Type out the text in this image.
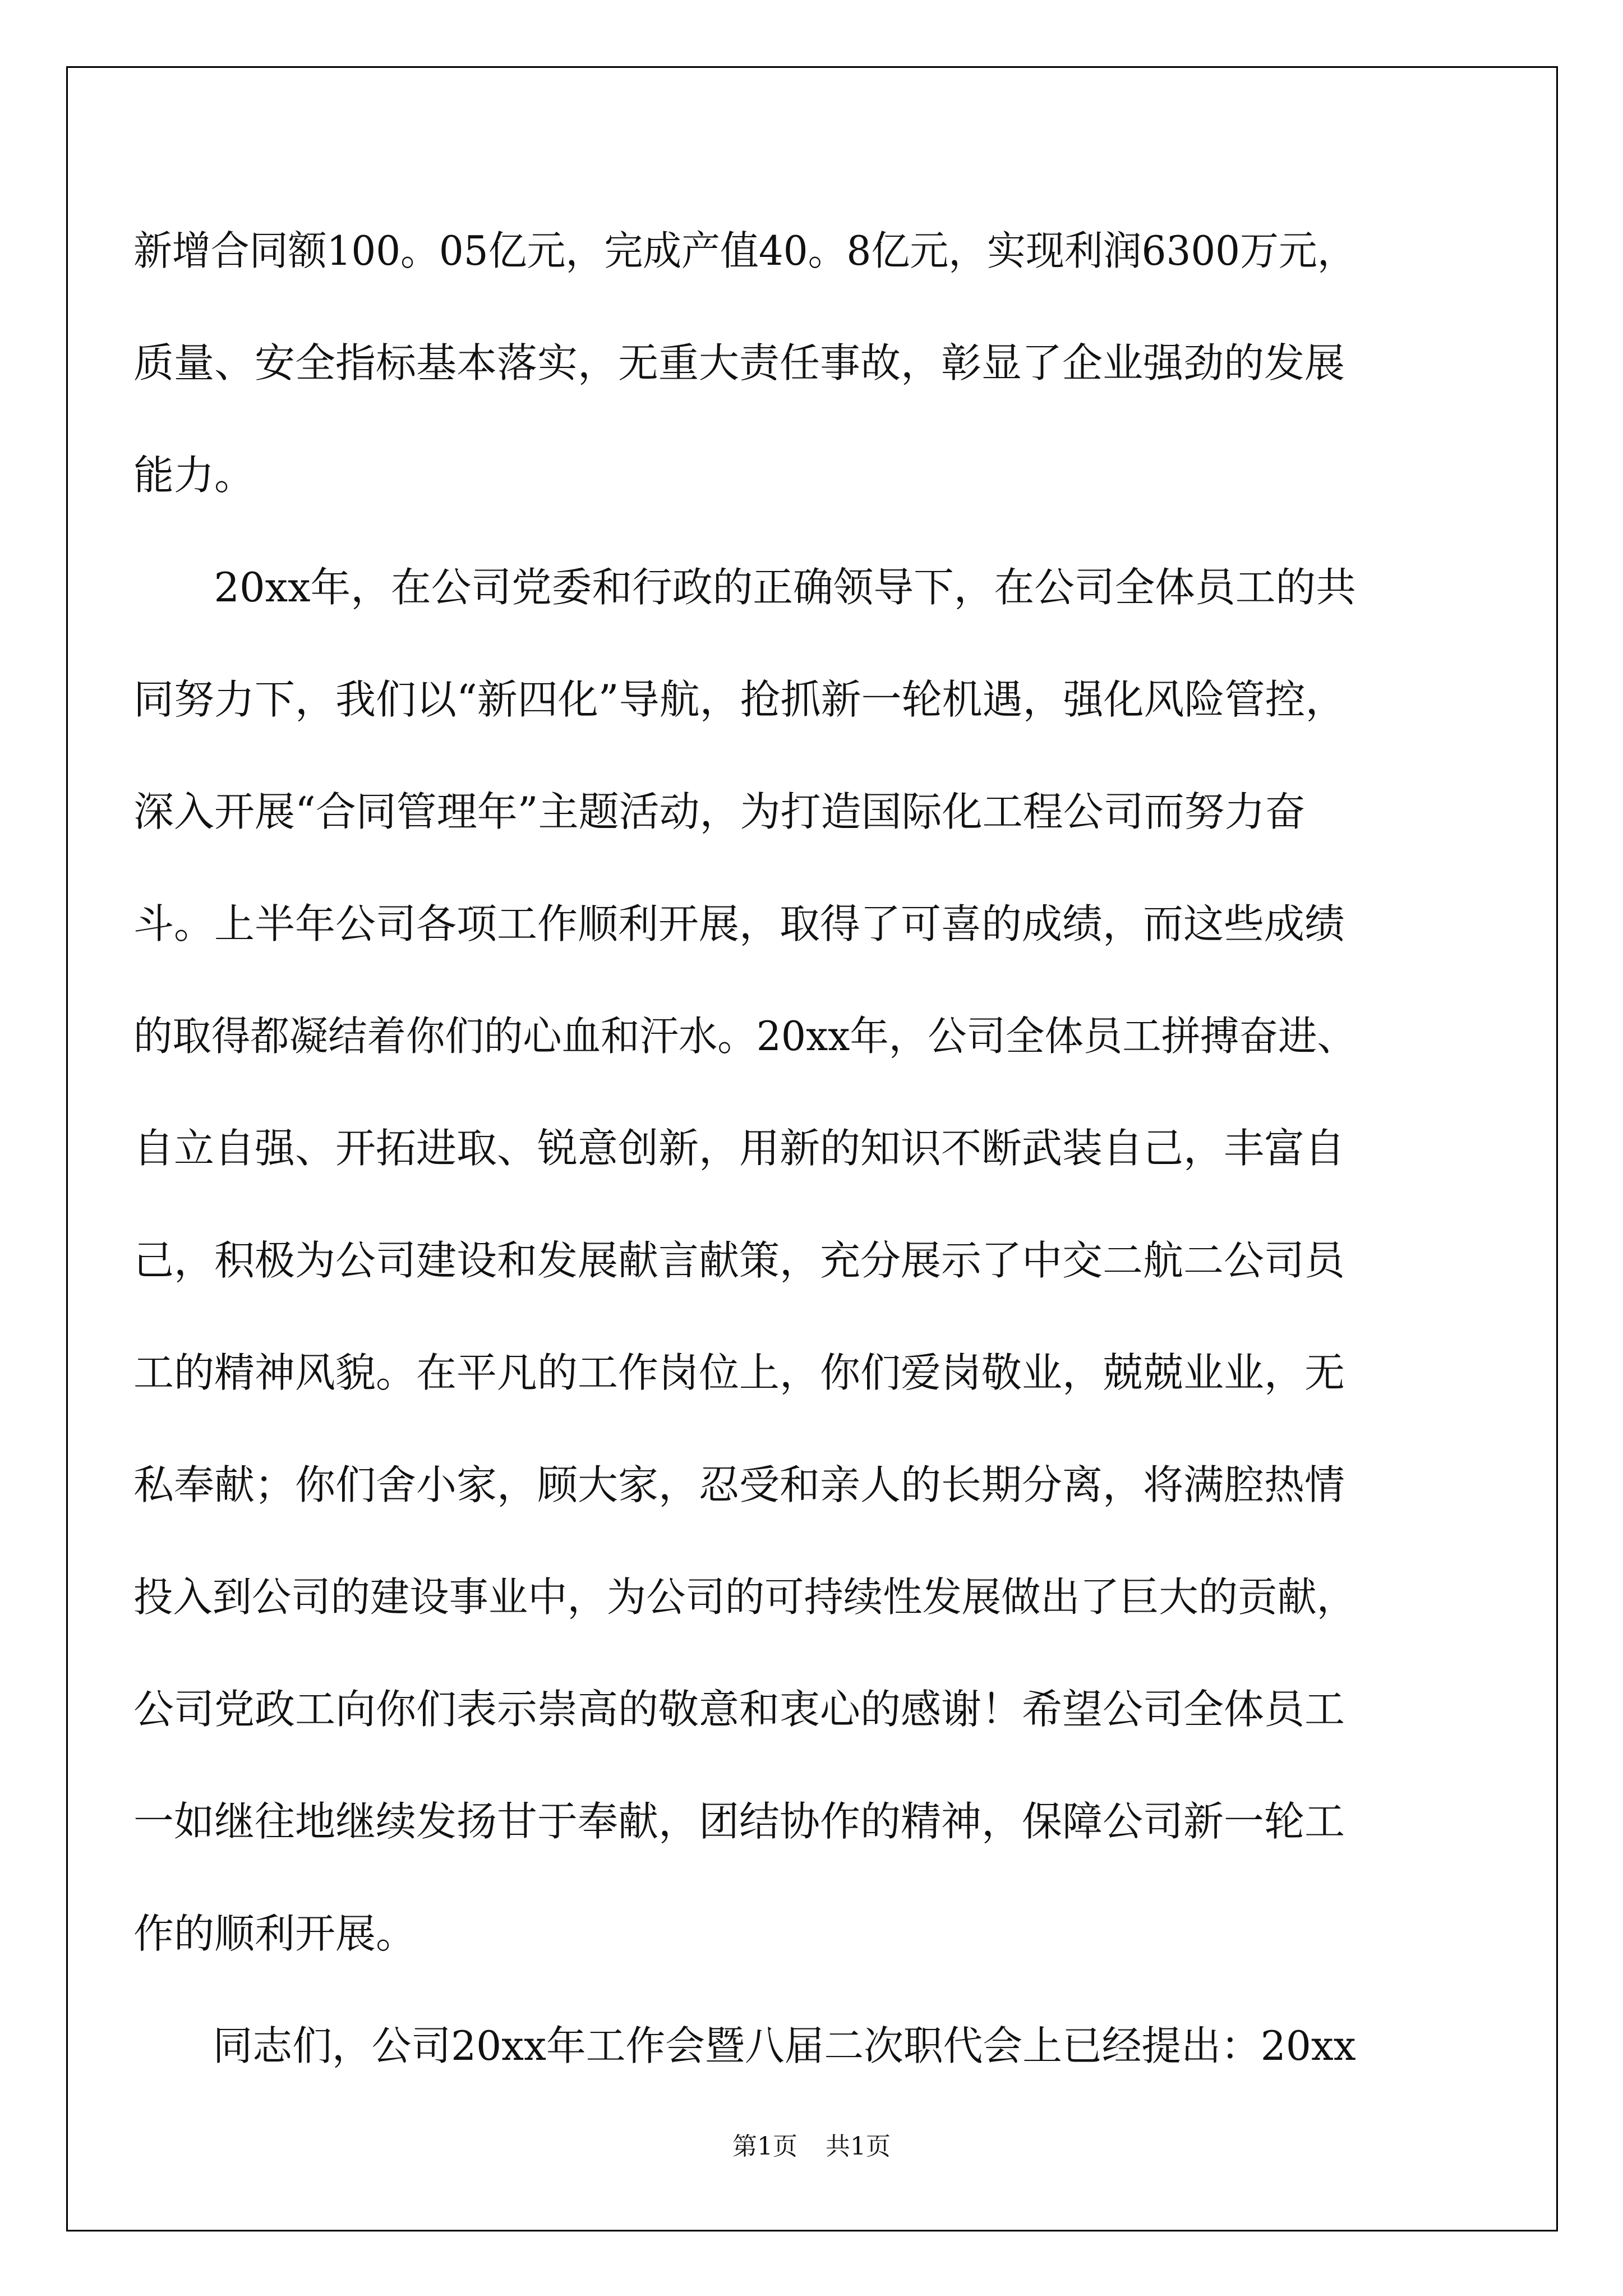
新增合同额100。05亿元，完成产值40。8亿元，实现利润6300万元，
质量、安全指标基本落实，无重大责任事故，彰显了企业强劲的发展
能力。
　　20xx年，在公司党委和行政的正确领导下，在公司全体员工的共
同努力下，我们以“新四化”导航，抢抓新一轮机遇，强化风险管控，
深入开展“合同管理年”主题活动，为打造国际化工程公司而努力奋
斗。上半年公司各项工作顺利开展，取得了可喜的成绩，而这些成绩
的取得都凝结着你们的心血和汗水。20xx年，公司全体员工拼搏奋进、
自立自强、开拓进取、锐意创新，用新的知识不断武装自己，丰富自
己，积极为公司建设和发展献言献策，充分展示了中交二航二公司员
工的精神风貌。在平凡的工作岗位上，你们爱岗敬业，兢兢业业，无
私奉献；你们舍小家，顾大家，忍受和亲人的长期分离，将满腔热情
投入到公司的建设事业中，为公司的可持续性发展做出了巨大的贡献，
公司党政工向你们表示崇高的敬意和衷心的感谢！希望公司全体员工
一如继往地继续发扬甘于奉献，团结协作的精神，保障公司新一轮工
作的顺利开展。
　　同志们，公司20xx年工作会暨八届二次职代会上已经提出：20xx
第1页 共1页
